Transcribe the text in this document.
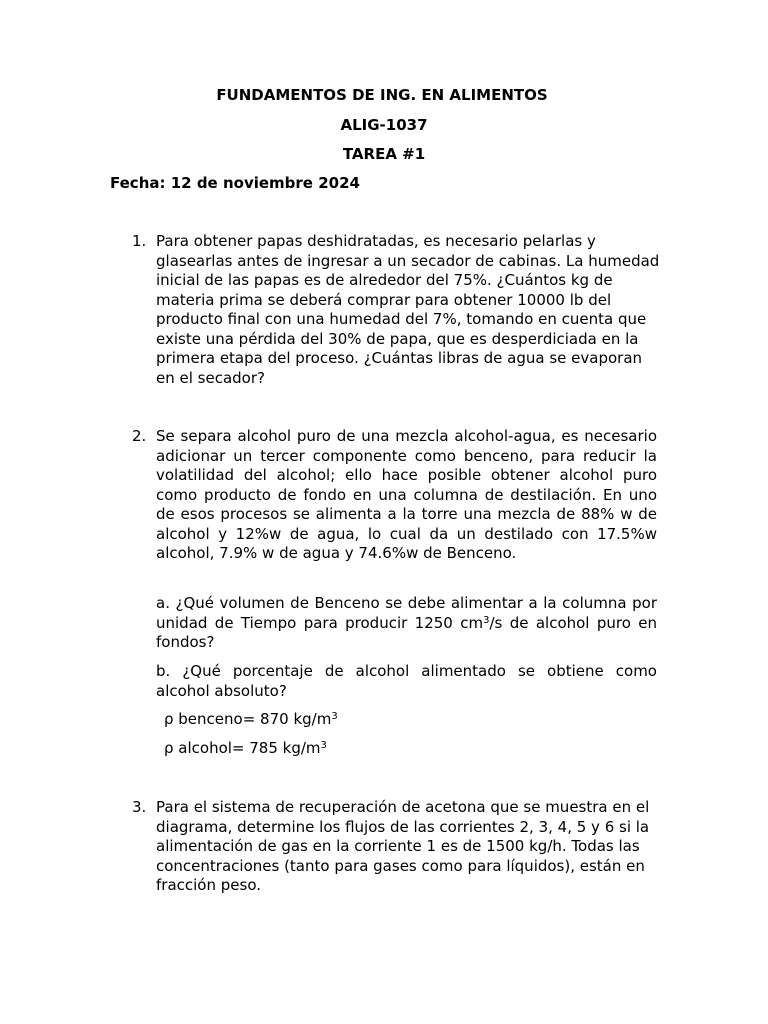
FUNDAMENTOS DE ING. EN ALIMENTOS

ALIG-1037

TAREA #1

Fecha: 12 de noviembre 2024

1. Para obtener papas deshidratadas, es necesario pelarlas y glasearlas antes de ingresar a un secador de cabinas. La humedad inicial de las papas es de alrededor del 75%. ¿Cuántos kg de materia prima se deberá comprar para obtener 10000 lb del producto final con una humedad del 7%, tomando en cuenta que existe una pérdida del 30% de papa, que es desperdiciada en la primera etapa del proceso. ¿Cuántas libras de agua se evaporan en el secador?

2. Se separa alcohol puro de una mezcla alcohol-agua, es necesario adicionar un tercer componente como benceno, para reducir la volatilidad del alcohol; ello hace posible obtener alcohol puro como producto de fondo en una columna de destilación. En uno de esos procesos se alimenta a la torre una mezcla de 88% w de alcohol y 12%w de agua, lo cual da un destilado con 17.5%w alcohol, 7.9% w de agua y 74.6%w de Benceno.

a. ¿Qué volumen de Benceno se debe alimentar a la columna por unidad de Tiempo para producir 1250 $cm^3/s$ de alcohol puro en fondos?

b. ¿Qué porcentaje de alcohol alimentado se obtiene como alcohol absoluto?

ρ benceno= 870 $kg/m^3$

ρ alcohol= 785 $kg/m^3$

3. Para el sistema de recuperación de acetona que se muestra en el diagrama, determine los flujos de las corrientes 2, 3, 4, 5 y 6 si la alimentación de gas en la corriente 1 es de 1500 kg/h. Todas las concentraciones (tanto para gases como para líquidos), están en fracción peso.
